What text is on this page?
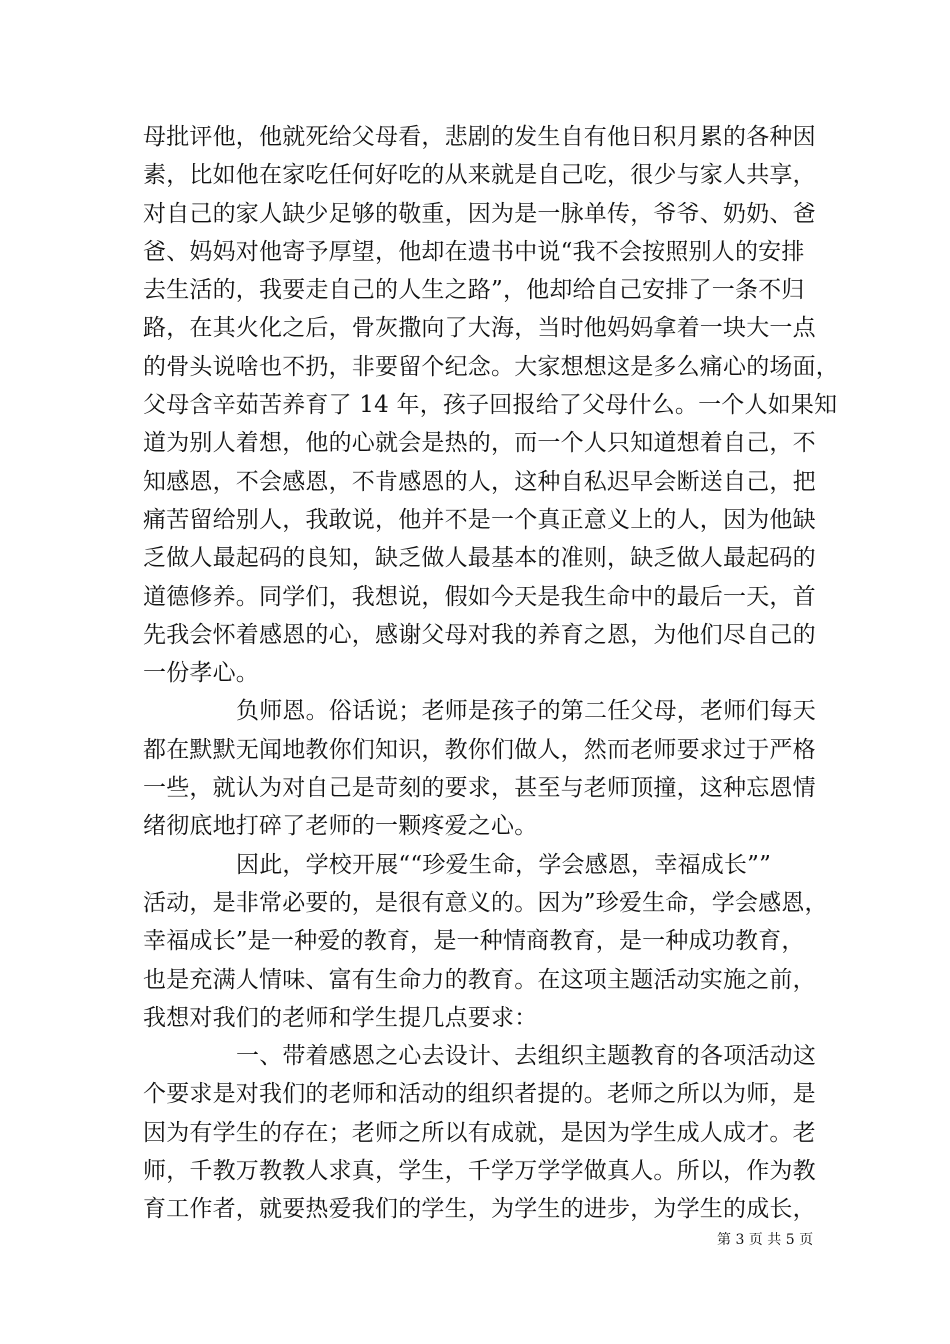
母批评他，他就死给父母看，悲剧的发生自有他日积月累的各种因
素，比如他在家吃任何好吃的从来就是自己吃，很少与家人共享，
对自己的家人缺少足够的敬重，因为是一脉单传，爷爷、奶奶、爸
爸、妈妈对他寄予厚望，他却在遗书中说“我不会按照别人的安排
去生活的，我要走自己的人生之路”，他却给自己安排了一条不归
路，在其火化之后，骨灰撒向了大海，当时他妈妈拿着一块大一点
的骨头说啥也不扔，非要留个纪念。大家想想这是多么痛心的场面，
父母含辛茹苦养育了 14 年，孩子回报给了父母什么。一个人如果知
道为别人着想，他的心就会是热的，而一个人只知道想着自己，不
知感恩，不会感恩，不肯感恩的人，这种自私迟早会断送自己，把
痛苦留给别人，我敢说，他并不是一个真正意义上的人，因为他缺
乏做人最起码的良知，缺乏做人最基本的准则，缺乏做人最起码的
道德修养。同学们，我想说，假如今天是我生命中的最后一天，首
先我会怀着感恩的心，感谢父母对我的养育之恩，为他们尽自己的
一份孝心。
负师恩。俗话说；老师是孩子的第二任父母，老师们每天
都在默默无闻地教你们知识，教你们做人，然而老师要求过于严格
一些，就认为对自己是苛刻的要求，甚至与老师顶撞，这种忘恩情
绪彻底地打碎了老师的一颗疼爱之心。
因此，学校开展““珍爱生命，学会感恩，幸福成长””
活动，是非常必要的，是很有意义的。因为”珍爱生命，学会感恩，
幸福成长”是一种爱的教育，是一种情商教育，是一种成功教育，
也是充满人情味、富有生命力的教育。在这项主题活动实施之前，
我想对我们的老师和学生提几点要求：
一、带着感恩之心去设计、去组织主题教育的各项活动这
个要求是对我们的老师和活动的组织者提的。老师之所以为师，是
因为有学生的存在；老师之所以有成就，是因为学生成人成才。老
师，千教万教教人求真，学生，千学万学学做真人。所以，作为教
育工作者，就要热爱我们的学生，为学生的进步，为学生的成长，
第 3 页 共 5 页
